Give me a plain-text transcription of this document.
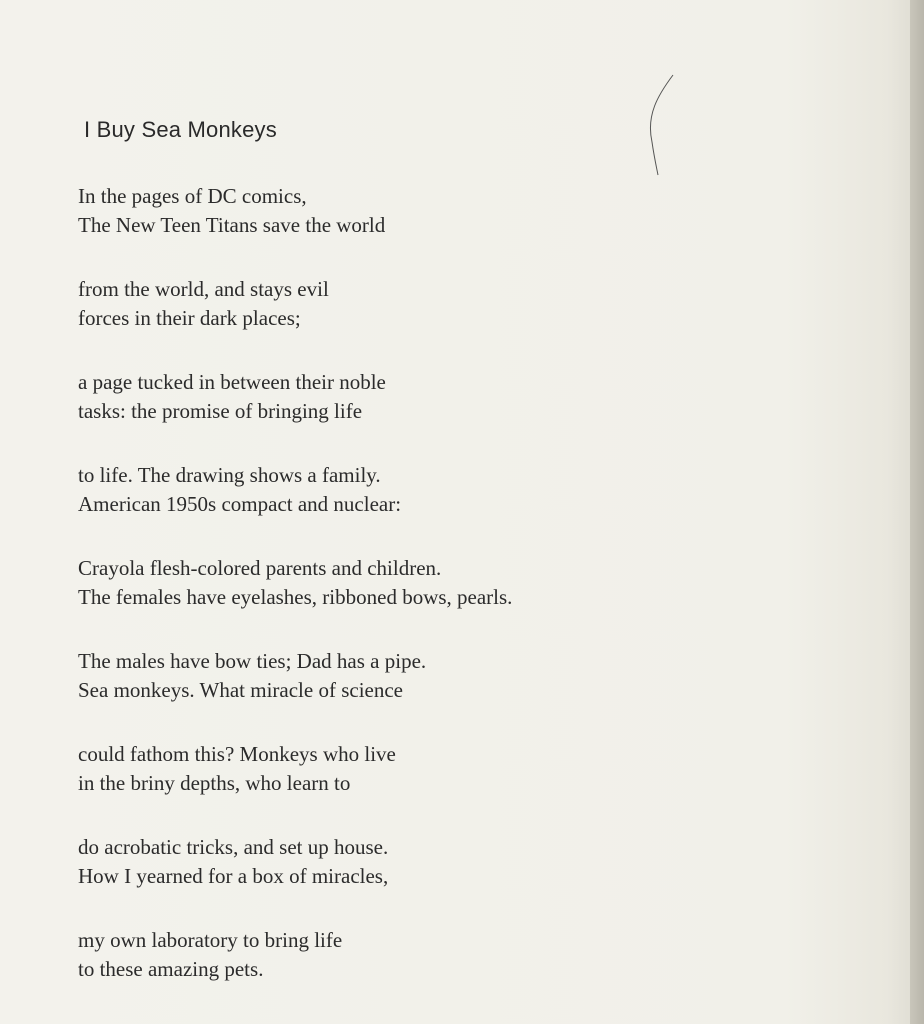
I Buy Sea Monkeys
In the pages of DC comics,
The New Teen Titans save the world
from the world, and stays evil
forces in their dark places;
a page tucked in between their noble
tasks: the promise of bringing life
to life. The drawing shows a family.
American 1950s compact and nuclear:
Crayola flesh-colored parents and children.
The females have eyelashes, ribboned bows, pearls.
The males have bow ties; Dad has a pipe.
Sea monkeys. What miracle of science
could fathom this? Monkeys who live
in the briny depths, who learn to
do acrobatic tricks, and set up house.
How I yearned for a box of miracles,
my own laboratory to bring life
to these amazing pets.
